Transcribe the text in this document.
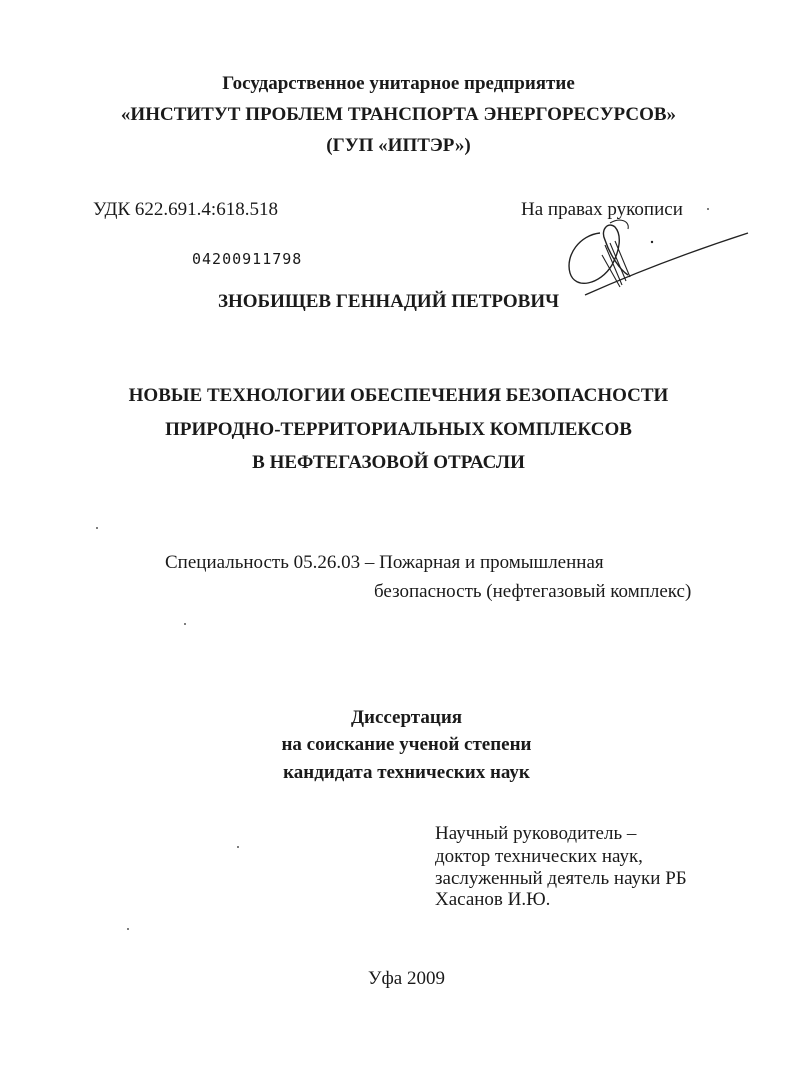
Государственное унитарное предприятие
«ИНСТИТУТ ПРОБЛЕМ ТРАНСПОРТА ЭНЕРГОРЕСУРСОВ»
(ГУП «ИПТЭР»)
УДК 622.691.4:618.518	На правах рукописи
04200911798
ЗНОБИЩЕВ ГЕННАДИЙ ПЕТРОВИЧ
НОВЫЕ ТЕХНОЛОГИИ ОБЕСПЕЧЕНИЯ БЕЗОПАСНОСТИ
ПРИРОДНО-ТЕРРИТОРИАЛЬНЫХ КОМПЛЕКСОВ
В НЕФТЕГАЗОВОЙ ОТРАСЛИ
Специальность 05.26.03 – Пожарная и промышленная
безопасность (нефтегазовый комплекс)
Диссертация
на соискание ученой степени
кандидата технических наук
Научный руководитель –
доктор технических наук,
заслуженный деятель науки РБ
Хасанов И.Ю.
Уфа 2009
